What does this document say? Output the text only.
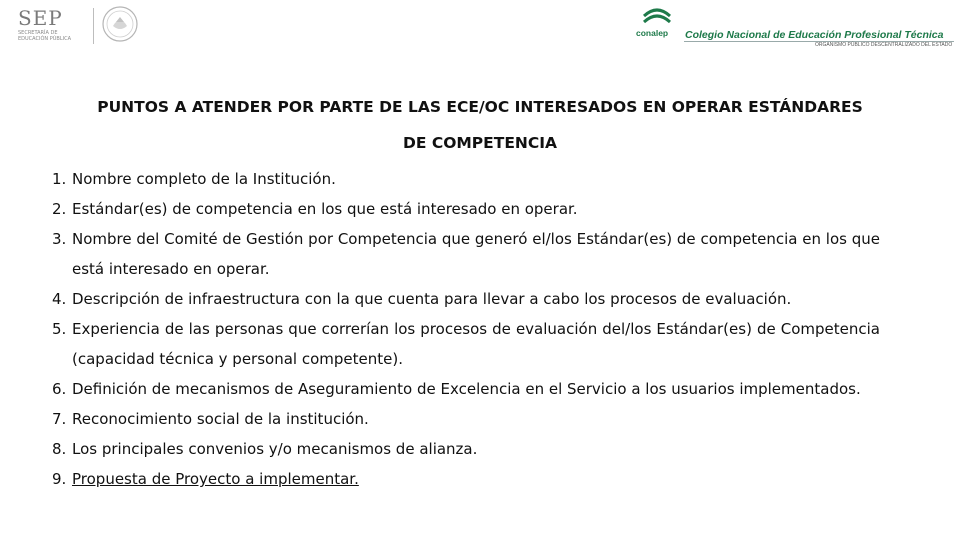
SEP
SECRETARÍA DE EDUCACIÓN PÚBLICA
conalep Colegio Nacional de Educación Profesional Técnica
ORGANISMO PÚBLICO DESCENTRALIZADO DEL ESTADO
PUNTOS A ATENDER POR PARTE DE LAS ECE/OC INTERESADOS EN OPERAR ESTÁNDARES
DE COMPETENCIA
1. Nombre completo de la Institución.
2. Estándar(es) de competencia en los que está interesado en operar.
3. Nombre del Comité de Gestión por Competencia que generó el/los Estándar(es) de competencia en los que está interesado en operar.
4. Descripción de infraestructura con la que cuenta para llevar a cabo los procesos de evaluación.
5. Experiencia de las personas que correrían los procesos de evaluación del/los Estándar(es) de Competencia (capacidad técnica y personal competente).
6. Definición de mecanismos de Aseguramiento de Excelencia en el Servicio a los usuarios implementados.
7. Reconocimiento social de la institución.
8. Los principales convenios y/o mecanismos de alianza.
9. Propuesta de Proyecto a implementar.
